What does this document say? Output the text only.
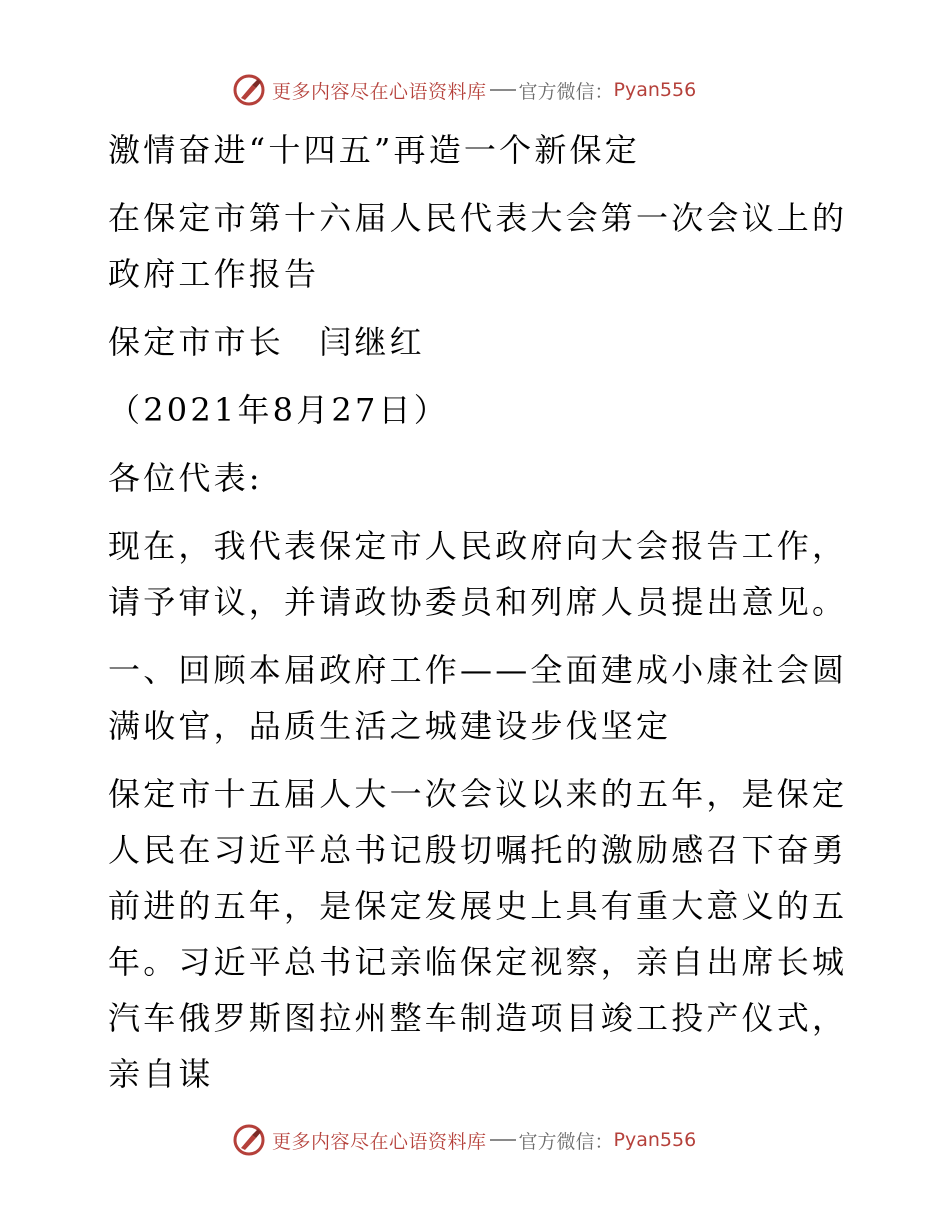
更多内容尽在心语资料库 官方微信： Pyan556

激情奋进“十四五”再造一个新保定

在保定市第十六届人民代表大会第一次会议上的政府工作报告

保定市市长　闫继红

（2021年8月27日）

各位代表:

现在，我代表保定市人民政府向大会报告工作，请予审议，并请政协委员和列席人员提出意见。

一、回顾本届政府工作——全面建成小康社会圆满收官，品质生活之城建设步伐坚定

保定市十五届人大一次会议以来的五年，是保定人民在习近平总书记殷切嘱托的激励感召下奋勇前进的五年，是保定发展史上具有重大意义的五年。习近平总书记亲临保定视察，亲自出席长城汽车俄罗斯图拉州整车制造项目竣工投产仪式，亲自谋

更多内容尽在心语资料库 官方微信： Pyan556
